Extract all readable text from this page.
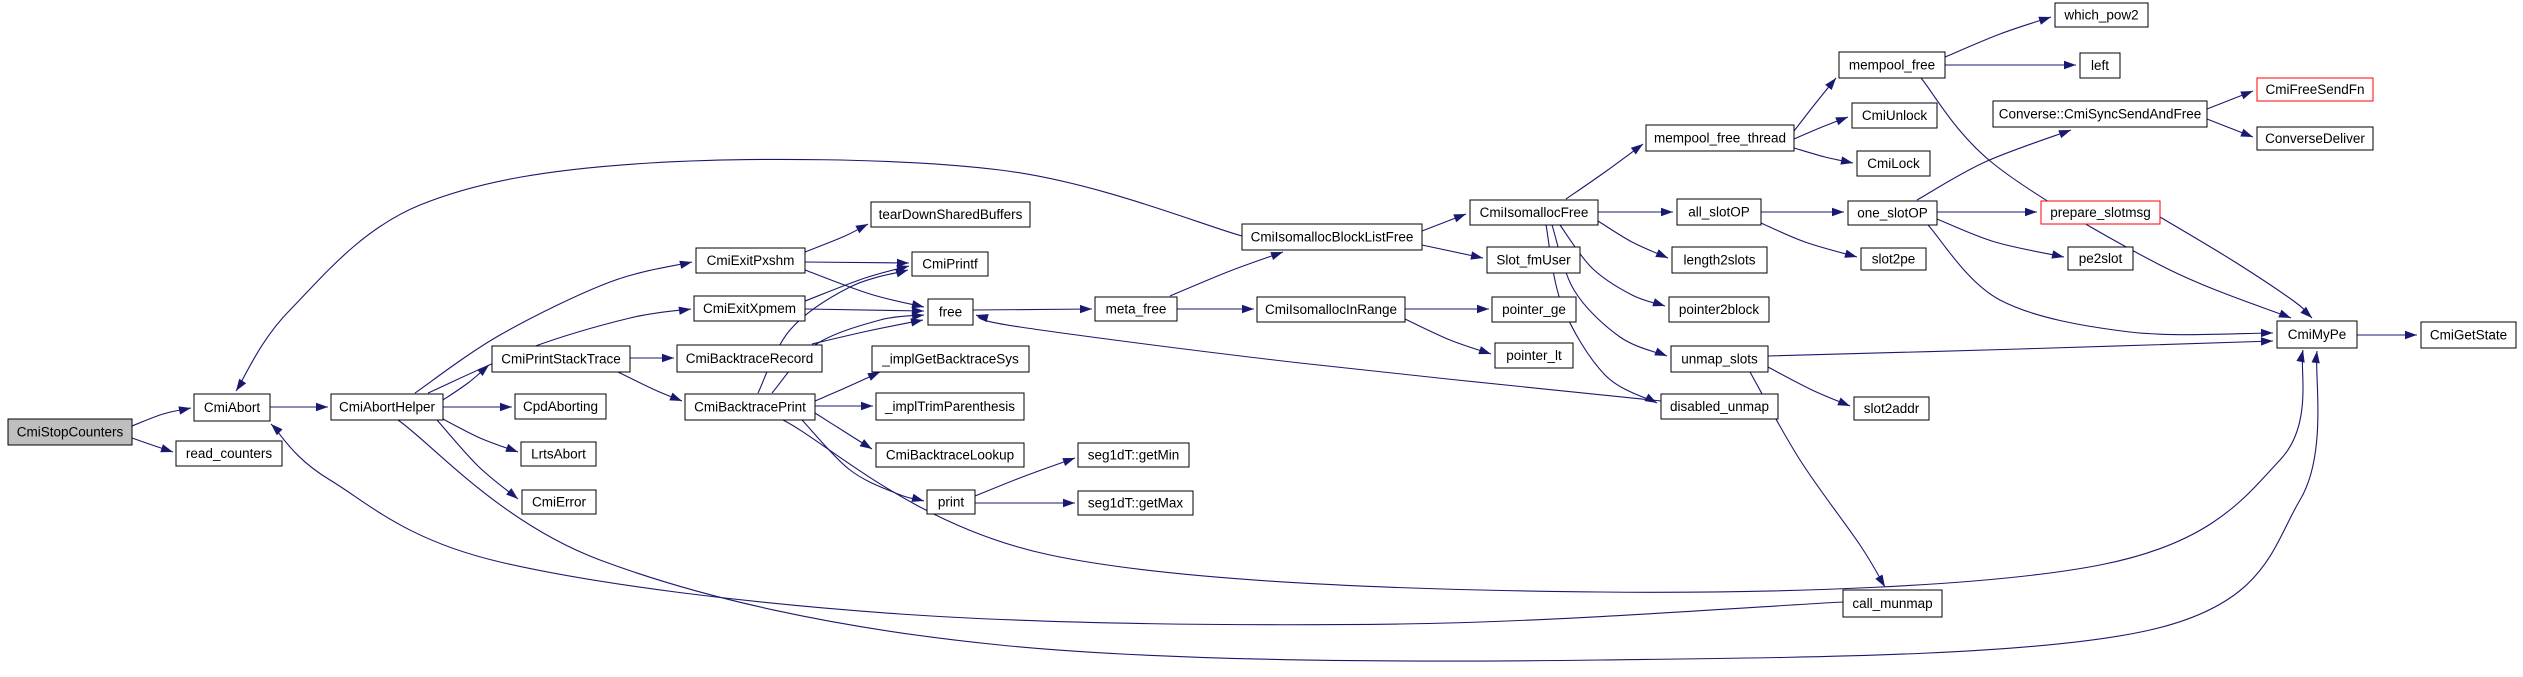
CmiStopCounters
CmiAbort
read_counters
CmiAbortHelper
CmiPrintStackTrace
CpdAborting
LrtsAbort
CmiError
CmiBacktraceRecord
CmiBacktracePrint
CmiExitPxshm
CmiExitXpmem
tearDownSharedBuffers
CmiPrintf
free
_implGetBacktraceSys
_implTrimParenthesis
CmiBacktraceLookup
print
seg1dT::getMin
seg1dT::getMax
meta_free
CmiIsomallocBlockListFree
CmiIsomallocInRange
CmiIsomallocFree
Slot_fmUser
pointer_ge
pointer_lt
mempool_free_thread
all_slotOP
length2slots
pointer2block
unmap_slots
disabled_unmap	slot2addr
mempool_free
CmiUnlock
CmiLock
one_slotOP
slot2pe
call_munmap
which_pow2
left
Converse::CmiSyncSendAndFree
prepare_slotmsg
pe2slot
CmiFreeSendFn
ConverseDeliver
CmiMyPe	CmiGetState
